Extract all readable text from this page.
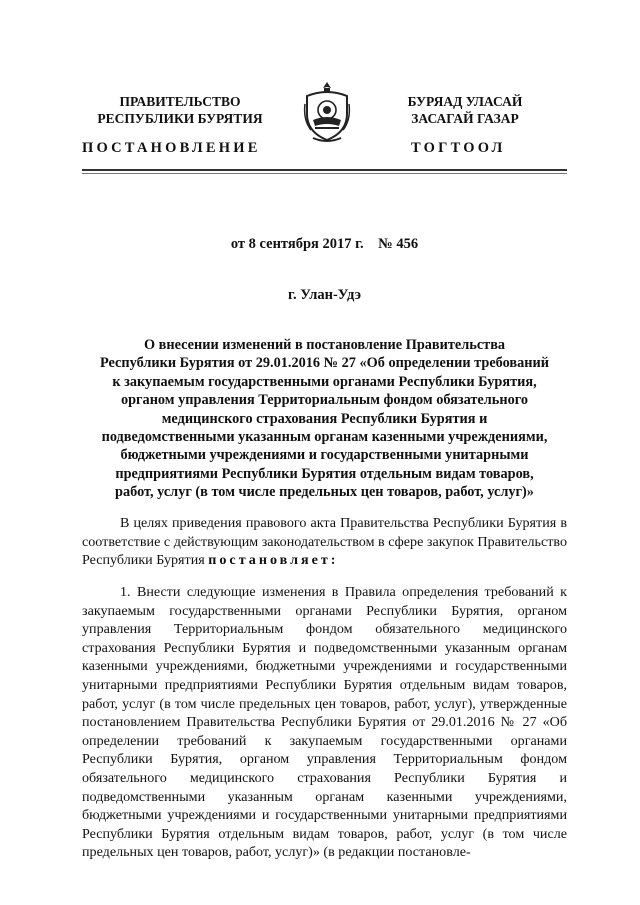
ПРАВИТЕЛЬСТВО
РЕСПУБЛИКИ БУРЯТИЯ
БУРЯАД УЛАСАЙ
ЗАСАГАЙ ГАЗАР
ПОСТАНОВЛЕНИЕ	ТОГТООЛ
от 8 сентября 2017 г.    № 456
г. Улан-Удэ
О внесении изменений в постановление Правительства
Республики Бурятия от 29.01.2016 № 27 «Об определении требований
к закупаемым государственными органами Республики Бурятия,
органом управления Территориальным фондом обязательного
медицинского страхования Республики Бурятия и
подведомственными указанным органам казенными учреждениями,
бюджетными учреждениями и государственными унитарными
предприятиями Республики Бурятия отдельным видам товаров,
работ, услуг (в том числе предельных цен товаров, работ, услуг)»
В целях приведения правового акта Правительства Республики Бурятия в соответствие с действующим законодательством в сфере закупок Правительство Республики Бурятия постановляет:
1. Внести следующие изменения в Правила определения требований к закупаемым государственными органами Республики Бурятия, органом управления Территориальным фондом обязательного медицинского страхования Республики Бурятия и подведомственными указанным органам казенными учреждениями, бюджетными учреждениями и государственными унитарными предприятиями Республики Бурятия отдельным видам товаров, работ, услуг (в том числе предельных цен товаров, работ, услуг), утвержденные постановлением Правительства Республики Бурятия от 29.01.2016 № 27 «Об определении требований к закупаемым государственными органами Республики Бурятия, органом управления Территориальным фондом обязательного медицинского страхования Республики Бурятия и подведомственными указанным органам казенными учреждениями, бюджетными учреждениями и государственными унитарными предприятиями Республики Бурятия отдельным видам товаров, работ, услуг (в том числе предельных цен товаров, работ, услуг)» (в редакции постановле-
